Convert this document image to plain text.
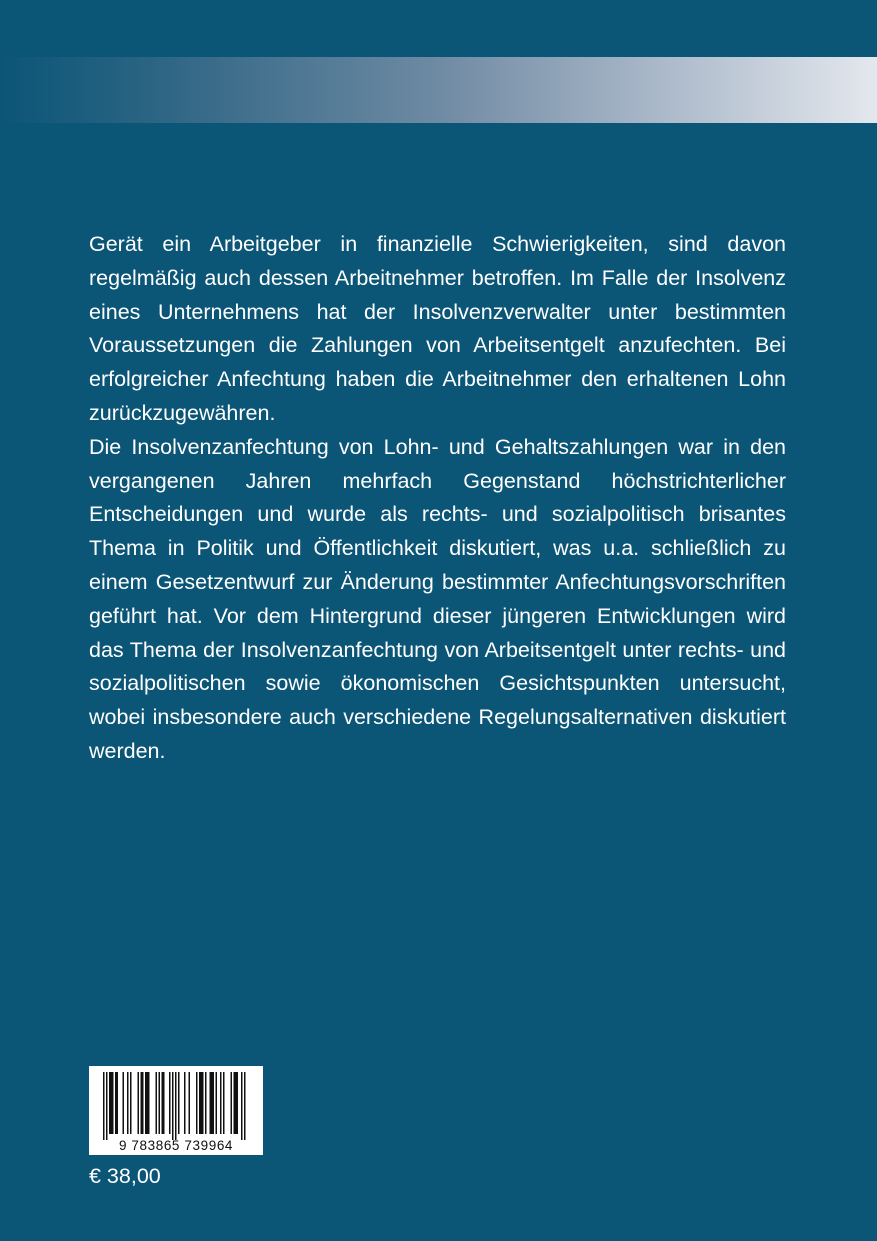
Gerät ein Arbeitgeber in finanzielle Schwierigkeiten, sind davon regelmäßig auch dessen Arbeitnehmer betroffen. Im Falle der Insolvenz eines Unternehmens hat der Insolvenzverwalter unter bestimmten Voraussetzungen die Zahlungen von Arbeitsentgelt anzufechten. Bei erfolgreicher Anfechtung haben die Arbeitnehmer den erhaltenen Lohn zurückzugewähren.

Die Insolvenzanfechtung von Lohn- und Gehaltszahlungen war in den vergangenen Jahren mehrfach Gegenstand höchstrichterlicher Entscheidungen und wurde als rechts- und sozialpolitisch brisantes Thema in Politik und Öffentlichkeit diskutiert, was u.a. schließlich zu einem Gesetzentwurf zur Änderung bestimmter Anfechtungsvorschriften geführt hat. Vor dem Hintergrund dieser jüngeren Entwicklungen wird das Thema der Insolvenzanfechtung von Arbeitsentgelt unter rechts- und sozialpolitischen sowie ökonomischen Gesichtspunkten untersucht, wobei insbesondere auch verschiedene Regelungsalternativen diskutiert werden.

9 783865 739964
€ 38,00
